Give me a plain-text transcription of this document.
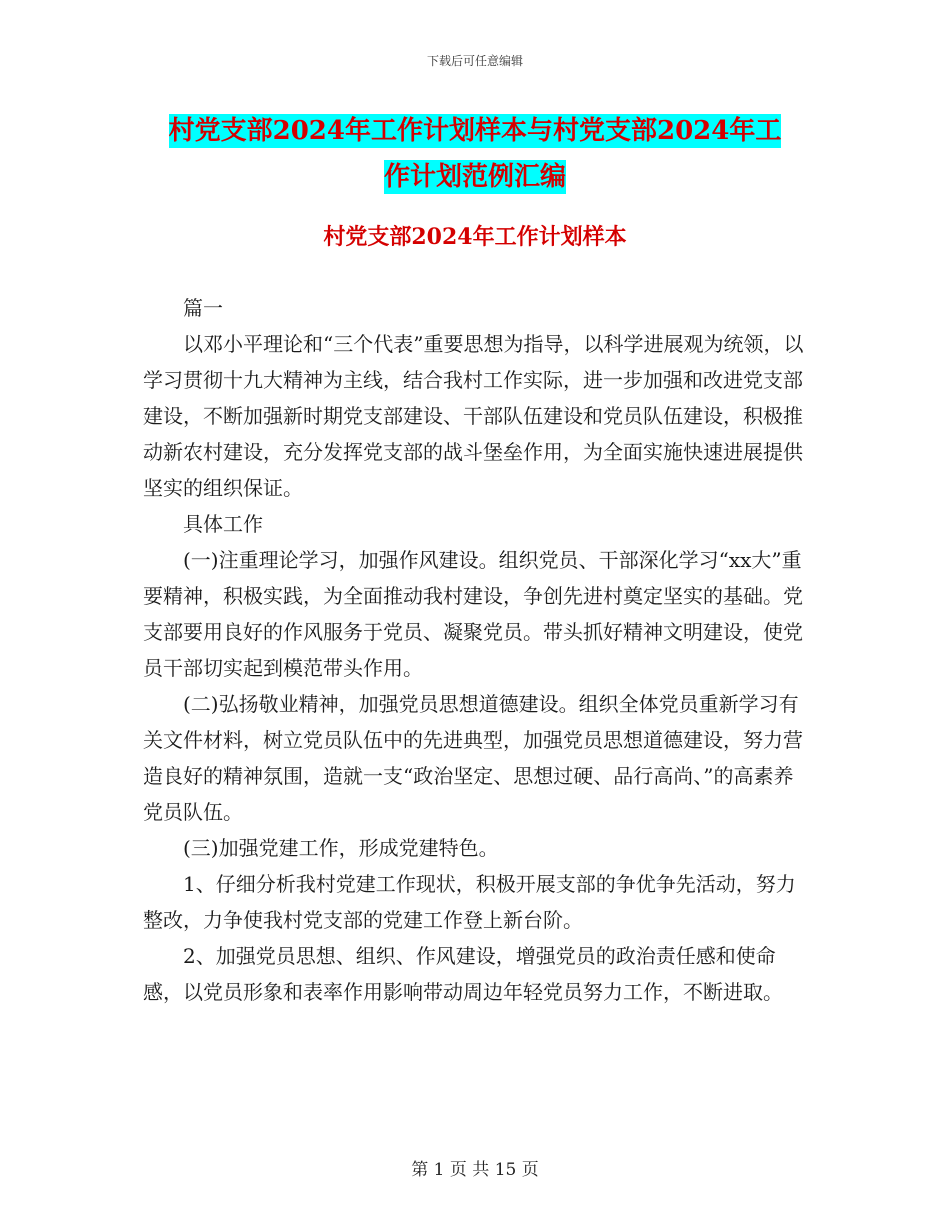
下载后可任意编辑
村党支部2024年工作计划样本与村党支部2024年工
作计划范例汇编
村党支部2024年工作计划样本

篇一

以邓小平理论和“三个代表”重要思想为指导，以科学进展观为统领，以学习贯彻十九大精神为主线，结合我村工作实际，进一步加强和改进党支部建设，不断加强新时期党支部建设、干部队伍建设和党员队伍建设，积极推动新农村建设，充分发挥党支部的战斗堡垒作用，为全面实施快速进展提供坚实的组织保证。

具体工作

(一)注重理论学习，加强作风建设。组织党员、干部深化学习“xx大”重要精神，积极实践，为全面推动我村建设，争创先进村奠定坚实的基础。党支部要用良好的作风服务于党员、凝聚党员。带头抓好精神文明建设，使党员干部切实起到模范带头作用。

(二)弘扬敬业精神，加强党员思想道德建设。组织全体党员重新学习有关文件材料，树立党员队伍中的先进典型，加强党员思想道德建设，努力营造良好的精神氛围，造就一支“政治坚定、思想过硬、品行高尚、”的高素养党员队伍。

(三)加强党建工作，形成党建特色。

1、仔细分析我村党建工作现状，积极开展支部的争优争先活动，努力整改，力争使我村党支部的党建工作登上新台阶。

2、加强党员思想、组织、作风建设，增强党员的政治责任感和使命感，以党员形象和表率作用影响带动周边年轻党员努力工作，不断进取。

第 1 页 共 15 页
